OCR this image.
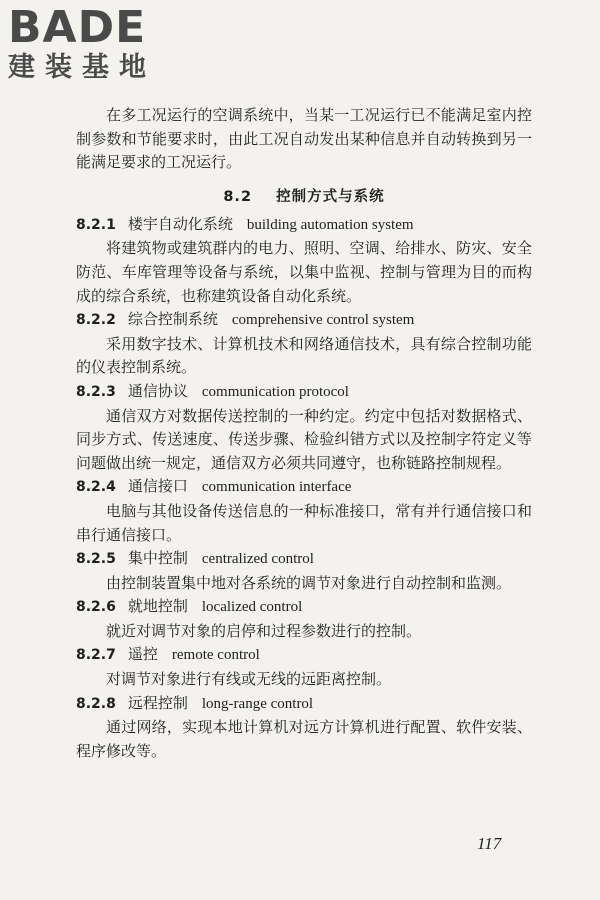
BADE
建装基地

在多工况运行的空调系统中，当某一工况运行已不能满足室内控制参数和节能要求时，由此工况自动发出某种信息并自动转换到另一能满足要求的工况运行。

8.2 控制方式与系统

8.2.1 楼宇自动化系统 building automation system

将建筑物或建筑群内的电力、照明、空调、给排水、防灾、安全防范、车库管理等设备与系统，以集中监视、控制与管理为目的而构成的综合系统，也称建筑设备自动化系统。

8.2.2 综合控制系统 comprehensive control system

采用数字技术、计算机技术和网络通信技术，具有综合控制功能的仪表控制系统。

8.2.3 通信协议 communication protocol

通信双方对数据传送控制的一种约定。约定中包括对数据格式、同步方式、传送速度、传送步骤、检验纠错方式以及控制字符定义等问题做出统一规定，通信双方必须共同遵守，也称链路控制规程。

8.2.4 通信接口 communication interface

电脑与其他设备传送信息的一种标准接口，常有并行通信接口和串行通信接口。

8.2.5 集中控制 centralized control

由控制装置集中地对各系统的调节对象进行自动控制和监测。

8.2.6 就地控制 localized control

就近对调节对象的启停和过程参数进行的控制。

8.2.7 遥控 remote control

对调节对象进行有线或无线的远距离控制。

8.2.8 远程控制 long-range control

通过网络，实现本地计算机对远方计算机进行配置、软件安装、程序修改等。

117
